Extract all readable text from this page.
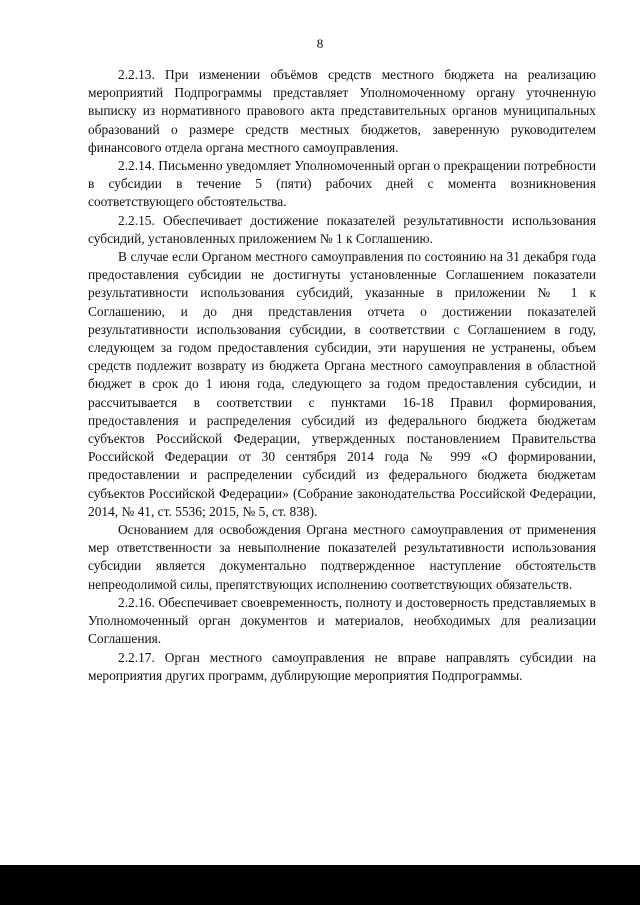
8

2.2.13. При изменении объёмов средств местного бюджета на реализацию мероприятий Подпрограммы представляет Уполномоченному органу уточненную выписку из нормативного правового акта представительных органов муниципальных образований о размере средств местных бюджетов, заверенную руководителем финансового отдела органа местного самоуправления.

2.2.14. Письменно уведомляет Уполномоченный орган о прекращении потребности в субсидии в течение 5 (пяти) рабочих дней с момента возникновения соответствующего обстоятельства.

2.2.15. Обеспечивает достижение показателей результативности использования субсидий, установленных приложением № 1 к Соглашению.

В случае если Органом местного самоуправления по состоянию на 31 декабря года предоставления субсидии не достигнуты установленные Соглашением показатели результативности использования субсидий, указанные в приложении № 1 к Соглашению, и до дня представления отчета о достижении показателей результативности использования субсидии, в соответствии с Соглашением в году, следующем за годом предоставления субсидии, эти нарушения не устранены, объем средств подлежит возврату из бюджета Органа местного самоуправления в областной бюджет в срок до 1 июня года, следующего за годом предоставления субсидии, и рассчитывается в соответствии с пунктами 16-18 Правил формирования, предоставления и распределения субсидий из федерального бюджета бюджетам субъектов Российской Федерации, утвержденных постановлением Правительства Российской Федерации от 30 сентября 2014 года № 999 «О формировании, предоставлении и распределении субсидий из федерального бюджета бюджетам субъектов Российской Федерации» (Собрание законодательства Российской Федерации, 2014, № 41, ст. 5536; 2015, № 5, ст. 838).

Основанием для освобождения Органа местного самоуправления от применения мер ответственности за невыполнение показателей результативности использования субсидии является документально подтвержденное наступление обстоятельств непреодолимой силы, препятствующих исполнению соответствующих обязательств.

2.2.16. Обеспечивает своевременность, полноту и достоверность представляемых в Уполномоченный орган документов и материалов, необходимых для реализации Соглашения.

2.2.17. Орган местного самоуправления не вправе направлять субсидии на мероприятия других программ, дублирующие мероприятия Подпрограммы.
